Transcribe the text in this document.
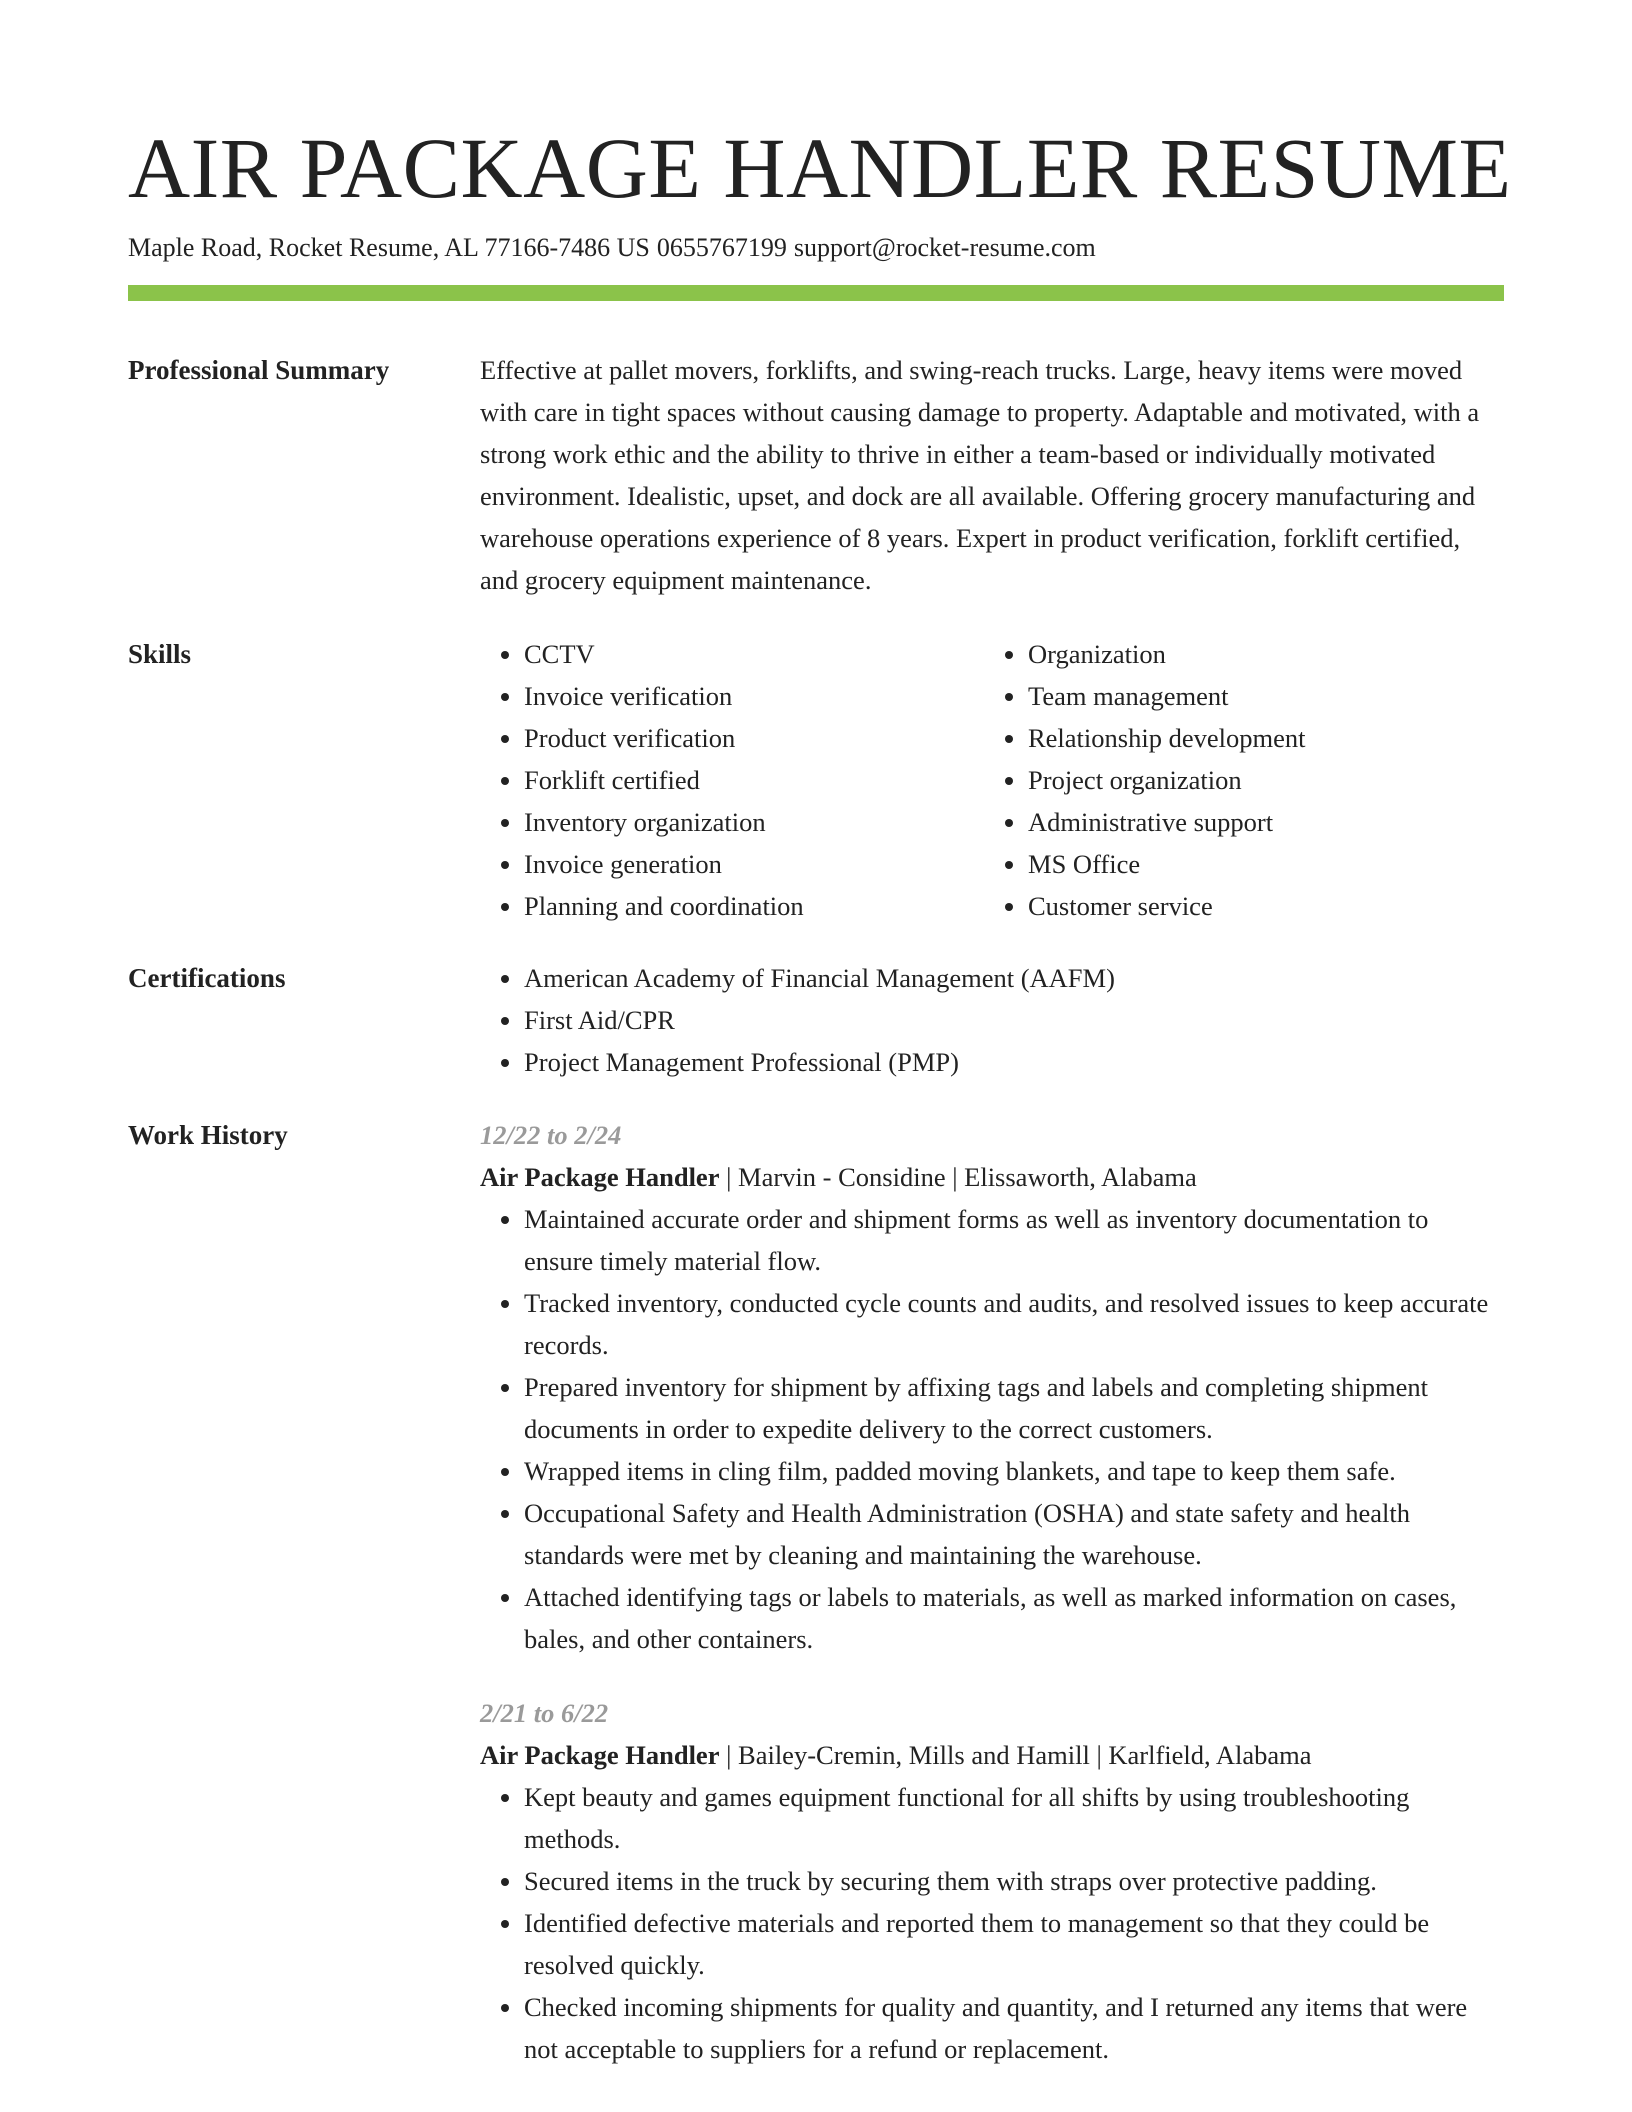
AIR PACKAGE HANDLER RESUME
Maple Road, Rocket Resume, AL 77166-7486 US 0655767199 support@rocket-resume.com
Professional Summary	Effective at pallet movers, forklifts, and swing-reach trucks. Large, heavy items were moved with care in tight spaces without causing damage to property. Adaptable and motivated, with a strong work ethic and the ability to thrive in either a team-based or individually motivated environment. Idealistic, upset, and dock are all available. Offering grocery manufacturing and warehouse operations experience of 8 years. Expert in product verification, forklift certified, and grocery equipment maintenance.

Skills	• CCTV
• Invoice verification
• Product verification
• Forklift certified
• Inventory organization
• Invoice generation
• Planning and coordination
• Organization
• Team management
• Relationship development
• Project organization
• Administrative support
• MS Office
• Customer service
Certifications	• American Academy of Financial Management (AAFM)
• First Aid/CPR
• Project Management Professional (PMP)
Work History	12/22 to 2/24
Air Package Handler | Marvin - Considine | Elissaworth, Alabama
• Maintained accurate order and shipment forms as well as inventory documentation to ensure timely material flow.
• Tracked inventory, conducted cycle counts and audits, and resolved issues to keep accurate records.
• Prepared inventory for shipment by affixing tags and labels and completing shipment documents in order to expedite delivery to the correct customers.
• Wrapped items in cling film, padded moving blankets, and tape to keep them safe.
• Occupational Safety and Health Administration (OSHA) and state safety and health standards were met by cleaning and maintaining the warehouse.
• Attached identifying tags or labels to materials, as well as marked information on cases, bales, and other containers.
2/21 to 6/22
Air Package Handler | Bailey-Cremin, Mills and Hamill | Karlfield, Alabama
• Kept beauty and games equipment functional for all shifts by using troubleshooting methods.
• Secured items in the truck by securing them with straps over protective padding.
• Identified defective materials and reported them to management so that they could be resolved quickly.
• Checked incoming shipments for quality and quantity, and I returned any items that were not acceptable to suppliers for a refund or replacement.
